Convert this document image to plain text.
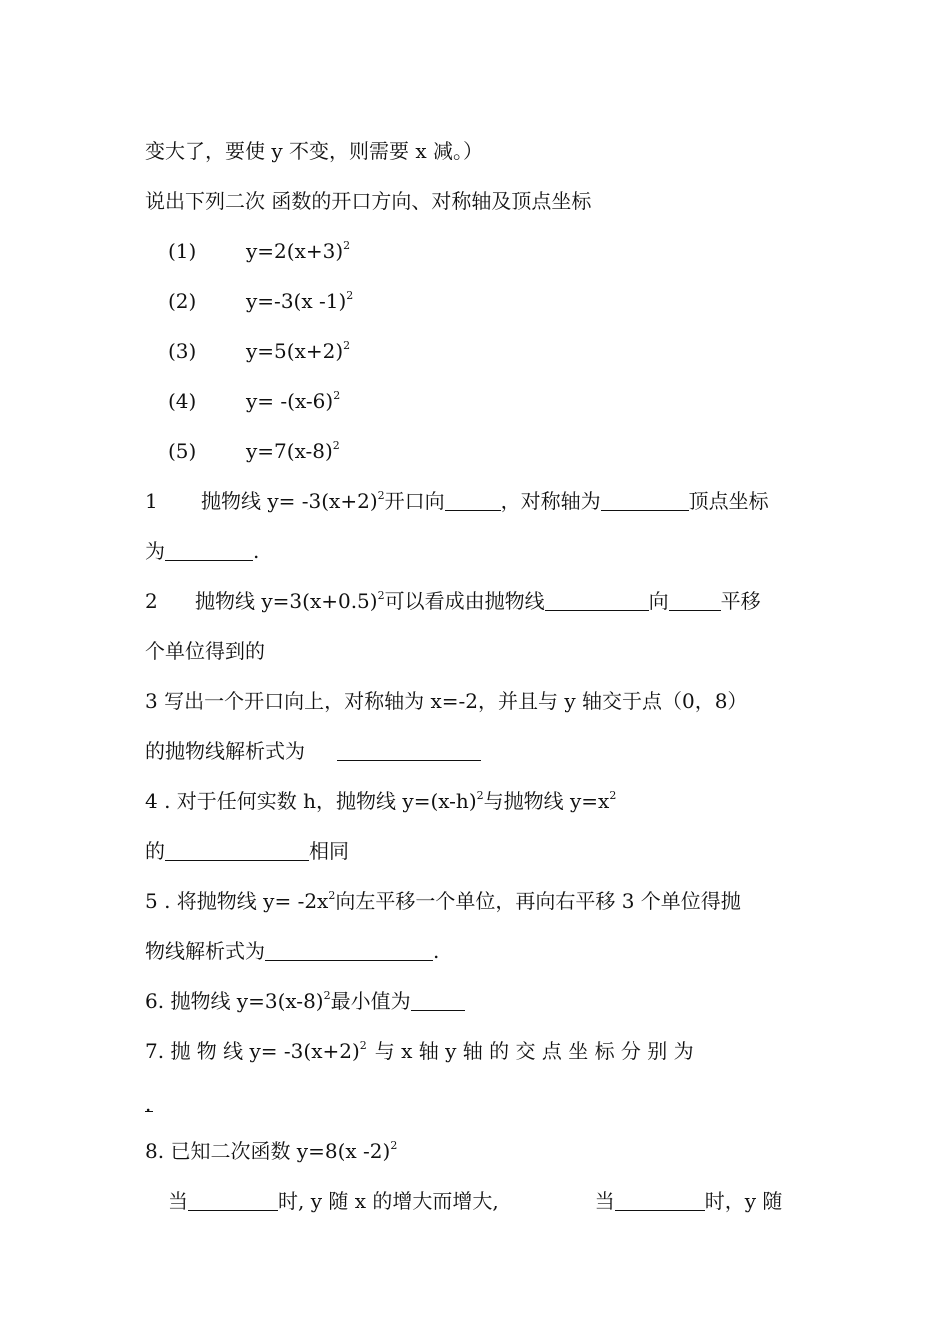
变大了，要使 y 不变，则需要 x 减。）
说出下列二次 函数的开口方向、对称轴及顶点坐标
(1) $y=2(x+3)^2$
(2) y=-3(x -1)$^2$
(3) $y=5(x+2)^2$
(4) $y= -(x-6)^2$
(5) $y=7(x-8)^2$
1 抛物线 $y= -3(x+2)^2$开口向	，对称轴为	顶点坐标
为	.
2 抛物线 $y=3(x+0.5)^2$可以看成由抛物线	向	平移
个单位得到的
3 写出一个开口向上，对称轴为 x=-2，并且与 y 轴交于点（0，8）
的抛物线解析式为
4 . 对于任何实数 h，抛物线 $y=(x-h)^2$与抛物线 $y=x^2$
的	相同
5 . 将抛物线 $y= -2x^2$向左平移一个单位，再向右平移 3 个单位得抛
物线解析式为	.
6. 抛物线 $y=3(x-8)^2$最小值为
7. 抛 物 线 $y= -3(x+2)^2$ 与 x 轴 y 轴 的 交 点 坐 标 分 别 为
.
8. 已知二次函数 y=8(x -2)$^2$
当	时, y 随 x 的增大而增大,	当	时，y 随
